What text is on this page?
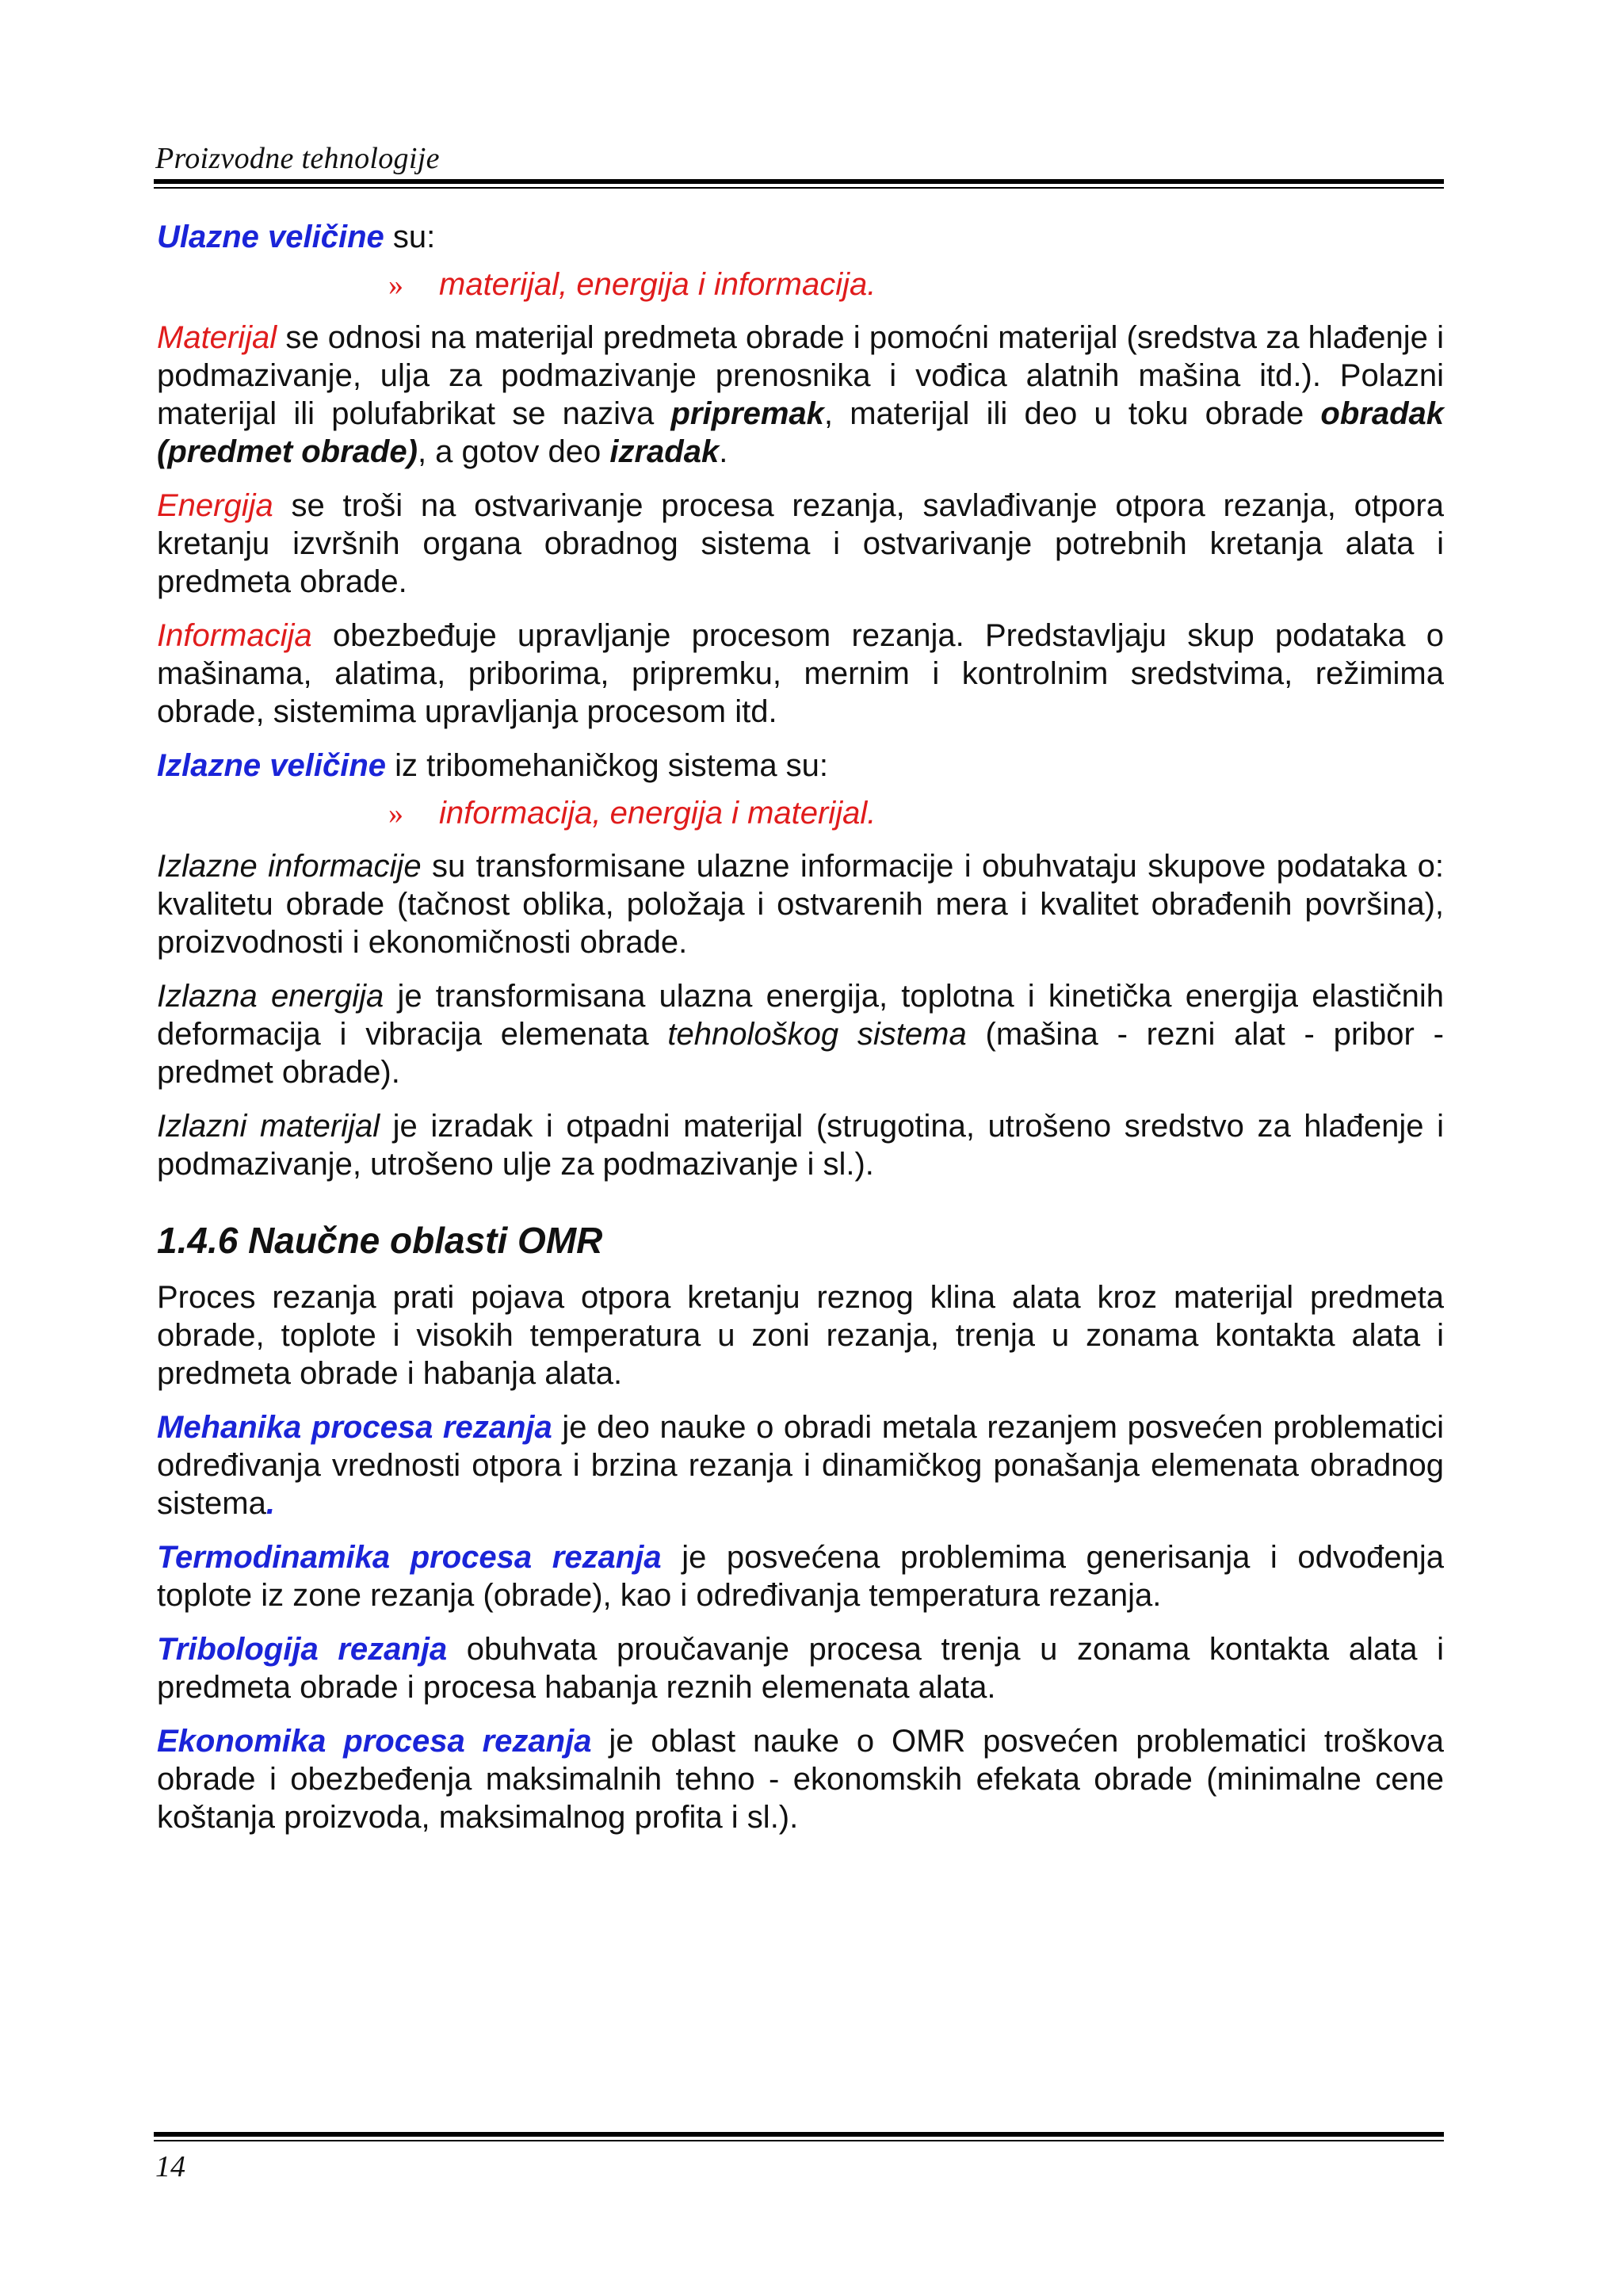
Proizvodne tehnologije

Ulazne veličine su:

»	materijal, energija i informacija.

Materijal se odnosi na materijal predmeta obrade i pomoćni materijal (sredstva za hlađenje i podmazivanje, ulja za podmazivanje prenosnika i vođica alatnih mašina itd.). Polazni materijal ili polufabrikat se naziva pripremak, materijal ili deo u toku obrade obradak (predmet obrade), a gotov deo izradak.

Energija se troši na ostvarivanje procesa rezanja, savlađivanje otpora rezanja, otpora kretanju izvršnih organa obradnog sistema i ostvarivanje potrebnih kretanja alata i predmeta obrade.

Informacija obezbeđuje upravljanje procesom rezanja. Predstavljaju skup podataka o mašinama, alatima, priborima, pripremku, mernim i kontrolnim sredstvima, režimima obrade, sistemima upravljanja procesom itd.

Izlazne veličine iz tribomehaničkog sistema su:

»	informacija, energija i materijal.

Izlazne informacije su transformisane ulazne informacije i obuhvataju skupove podataka o: kvalitetu obrade (tačnost oblika, položaja i ostvarenih mera i kvalitet obrađenih površina), proizvodnosti i ekonomičnosti obrade.

Izlazna energija je transformisana ulazna energija, toplotna i kinetička energija elastičnih deformacija i vibracija elemenata tehnološkog sistema (mašina - rezni alat - pribor - predmet obrade).

Izlazni materijal je izradak i otpadni materijal (strugotina, utrošeno sredstvo za hlađenje i podmazivanje, utrošeno ulje za podmazivanje i sl.).

1.4.6 Naučne oblasti OMR

Proces rezanja prati pojava otpora kretanju reznog klina alata kroz materijal predmeta obrade, toplote i visokih temperatura u zoni rezanja, trenja u zonama kontakta alata i predmeta obrade i habanja alata.

Mehanika procesa rezanja je deo nauke o obradi metala rezanjem posvećen problematici određivanja vrednosti otpora i brzina rezanja i dinamičkog ponašanja elemenata obradnog sistema.

Termodinamika procesa rezanja je posvećena problemima generisanja i odvođenja toplote iz zone rezanja (obrade), kao i određivanja temperatura rezanja.

Tribologija rezanja obuhvata proučavanje procesa trenja u zonama kontakta alata i predmeta obrade i procesa habanja reznih elemenata alata.

Ekonomika procesa rezanja je oblast nauke o OMR posvećen problematici troškova obrade i obezbeđenja maksimalnih tehno - ekonomskih efekata obrade (minimalne cene koštanja proizvoda, maksimalnog profita i sl.).

14
